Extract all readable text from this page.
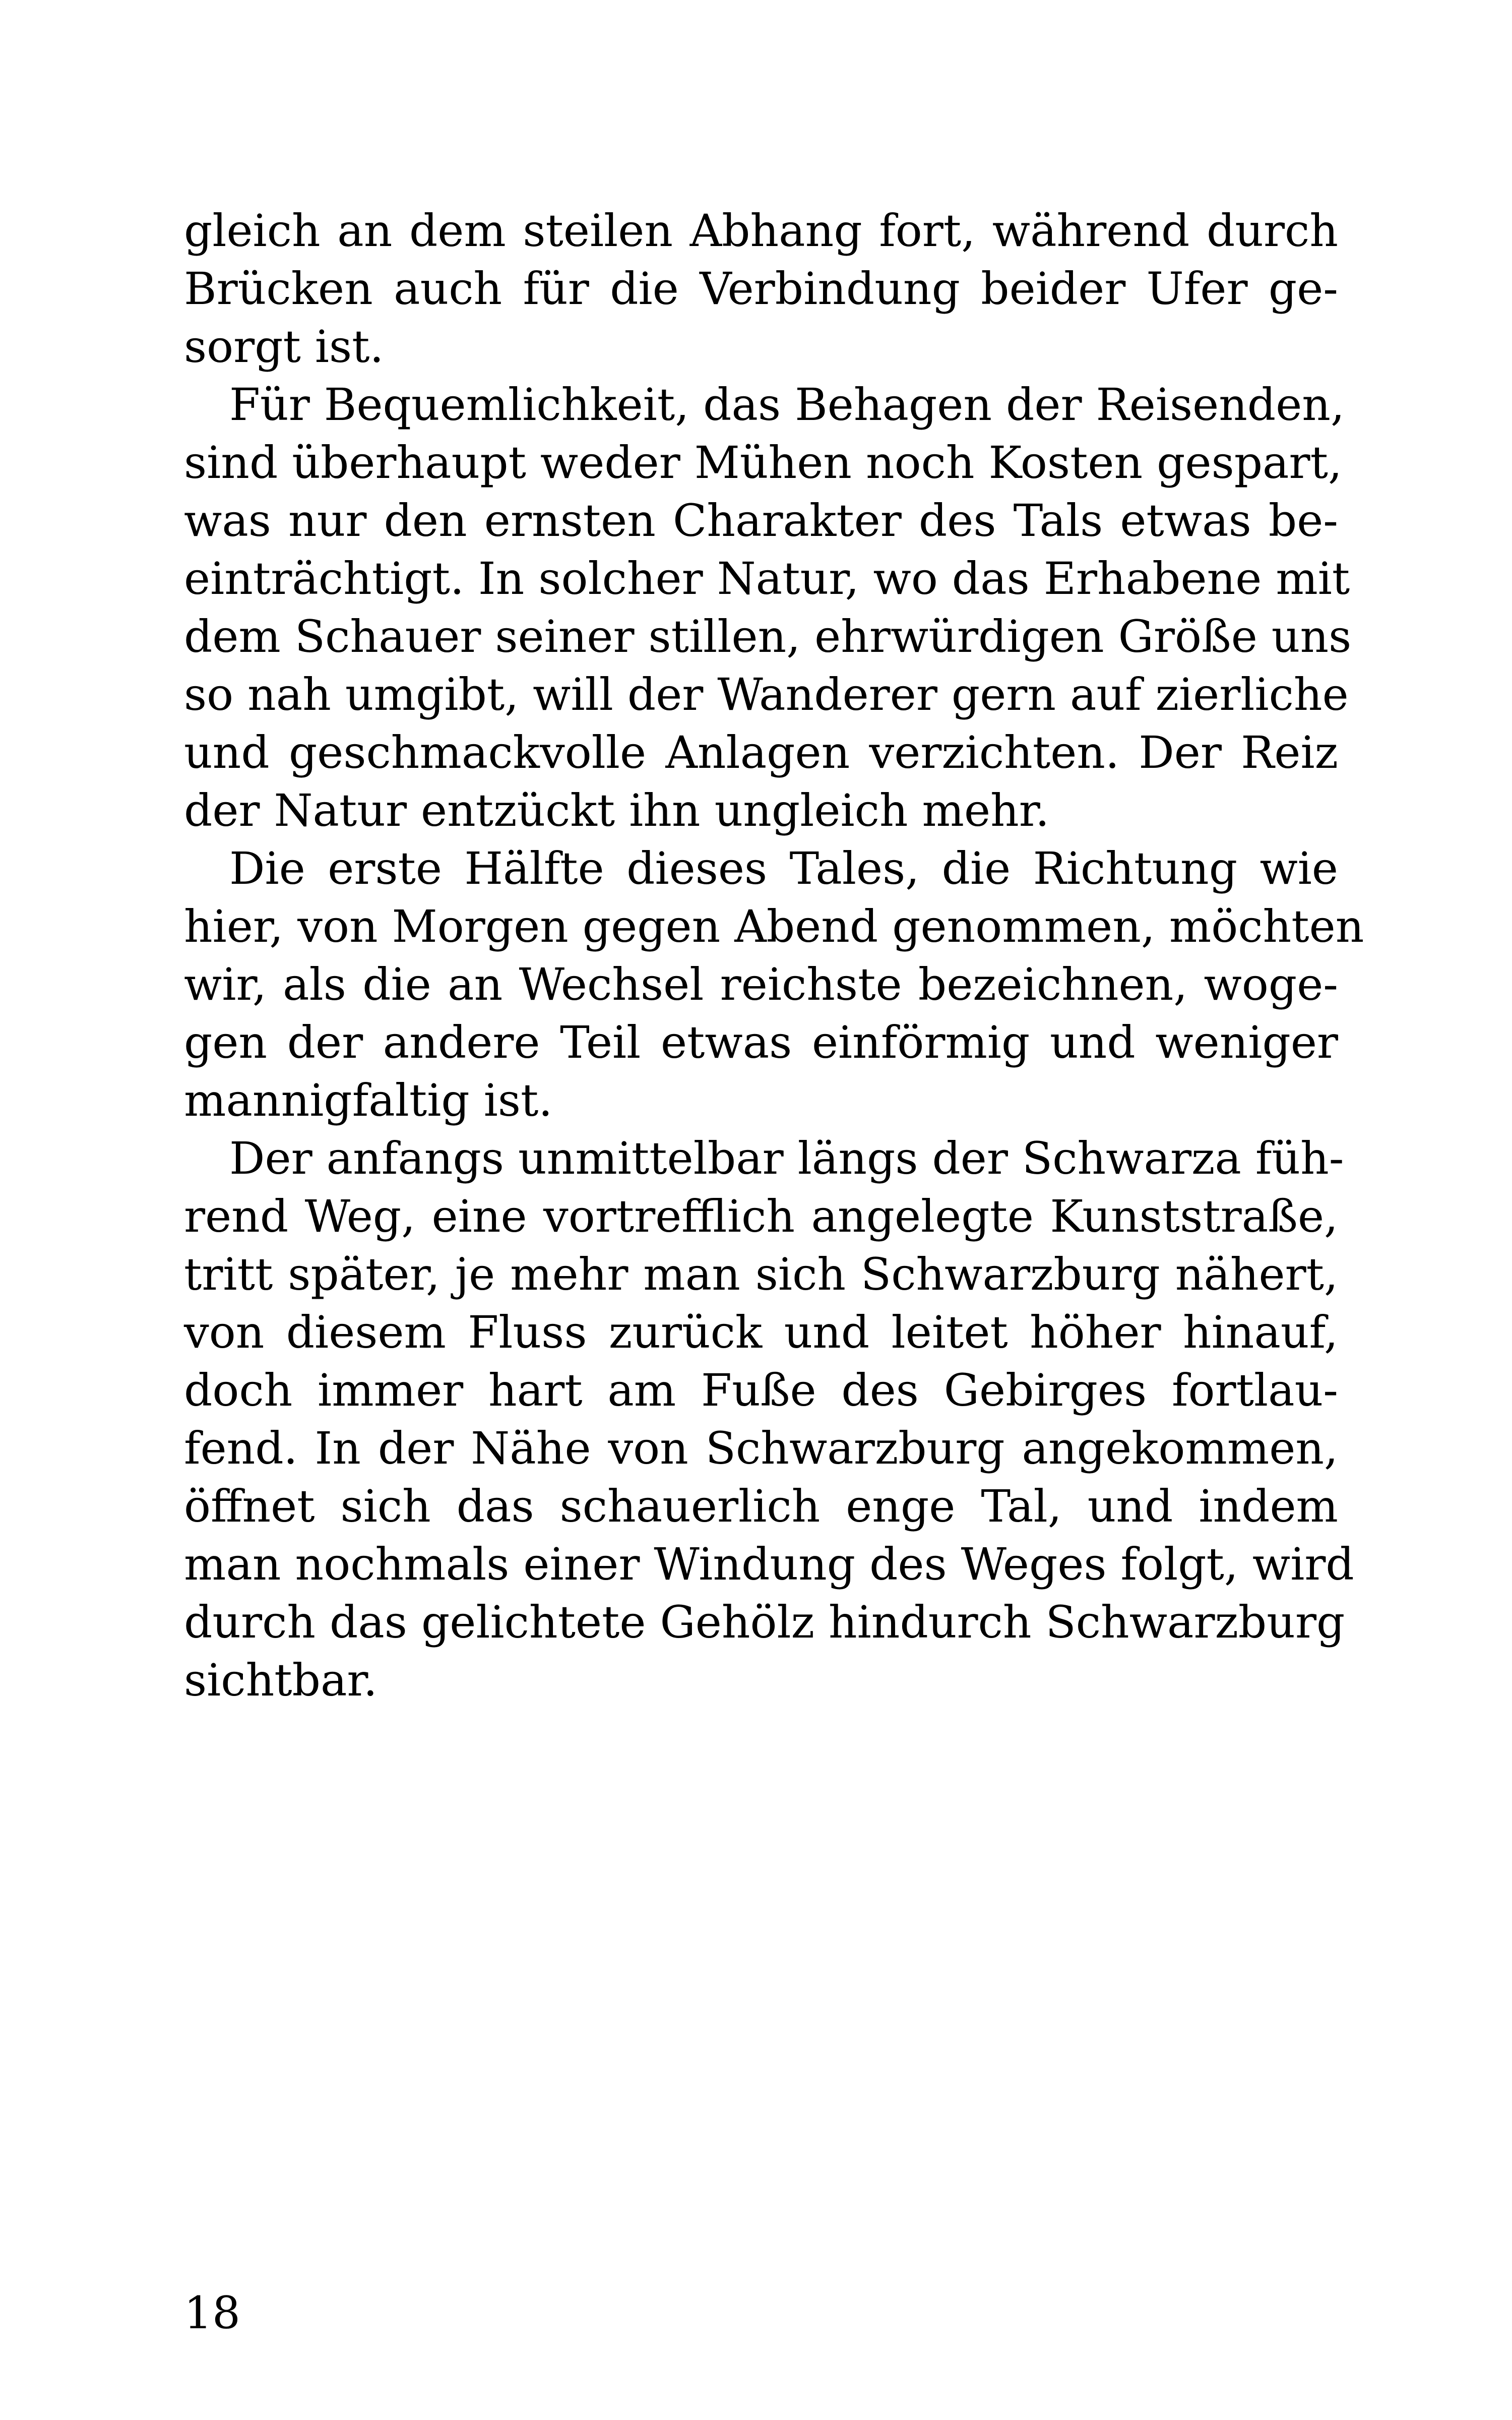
gleich an dem steilen Abhang fort, während durch
Brücken auch für die Verbindung beider Ufer ge-
sorgt ist.
Für Bequemlichkeit, das Behagen der Reisenden,
sind überhaupt weder Mühen noch Kosten gespart,
was nur den ernsten Charakter des Tals etwas be-
einträchtigt. In solcher Natur, wo das Erhabene mit
dem Schauer seiner stillen, ehrwürdigen Größe uns
so nah umgibt, will der Wanderer gern auf zierliche
und geschmackvolle Anlagen verzichten. Der Reiz
der Natur entzückt ihn ungleich mehr.
Die erste Hälfte dieses Tales, die Richtung wie
hier, von Morgen gegen Abend genommen, möchten
wir, als die an Wechsel reichste bezeichnen, woge-
gen der andere Teil etwas einförmig und weniger
mannigfaltig ist.
Der anfangs unmittelbar längs der Schwarza füh-
rend Weg, eine vortrefflich angelegte Kunststraße,
tritt später, je mehr man sich Schwarzburg nähert,
von diesem Fluss zurück und leitet höher hinauf,
doch immer hart am Fuße des Gebirges fortlau-
fend. In der Nähe von Schwarzburg angekommen,
öffnet sich das schauerlich enge Tal, und indem
man nochmals einer Windung des Weges folgt, wird
durch das gelichtete Gehölz hindurch Schwarzburg
sichtbar.
18
